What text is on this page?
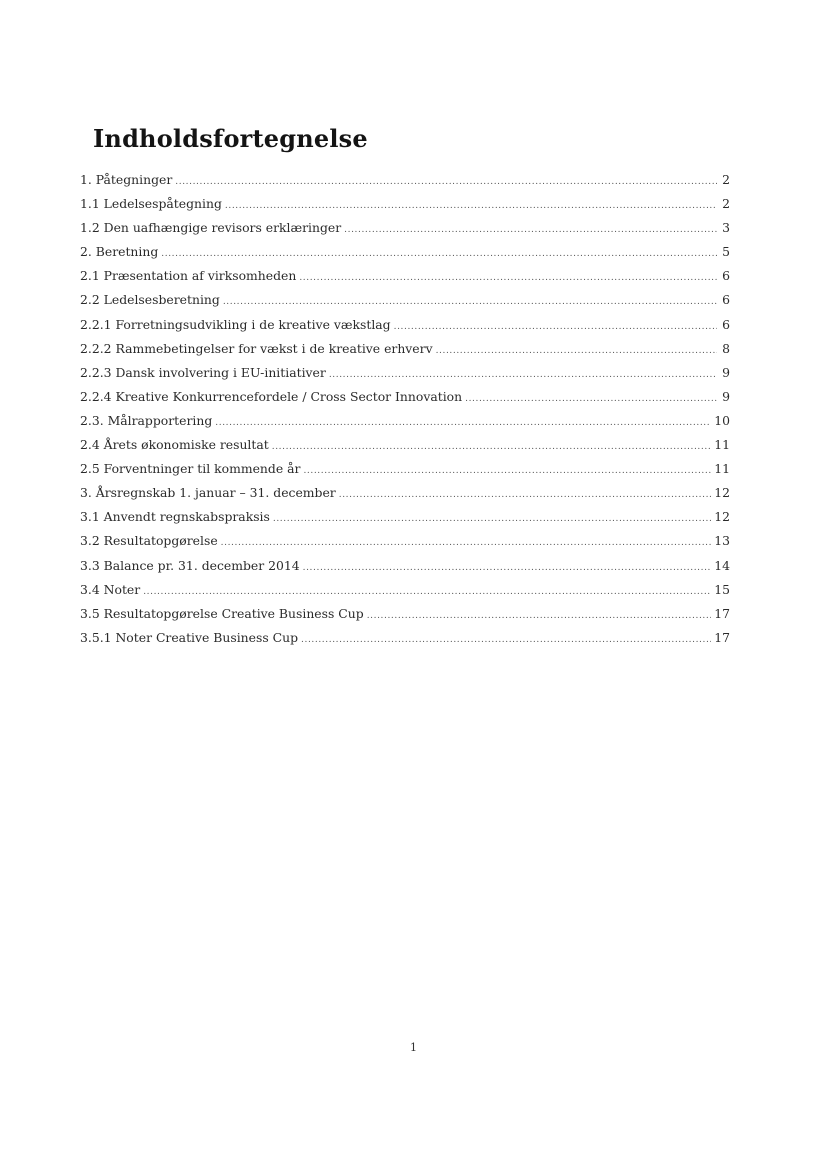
Indholdsfortegnelse
1. Påtegninger .....	2
1.1 Ledelsespåtegning .....	2
1.2 Den uafhængige revisors erklæringer .....	3
2. Beretning .....	5
2.1 Præsentation af virksomheden .....	6
2.2 Ledelsesberetning .....	6
2.2.1 Forretningsudvikling i de kreative vækstlag .....	6
2.2.2 Rammebetingelser for vækst i de kreative erhverv .....	8
2.2.3 Dansk involvering i EU-initiativer .....	9
2.2.4 Kreative Konkurrencefordele / Cross Sector Innovation .....	9
2.3. Målrapportering .....	10
2.4 Årets økonomiske resultat .....	11
2.5 Forventninger til kommende år .....	11
3. Årsregnskab 1. januar – 31. december .....	12
3.1 Anvendt regnskabspraksis .....	12
3.2 Resultatopgørelse .....	13
3.3 Balance pr. 31. december 2014 .....	14
3.4 Noter .....	15
3.5 Resultatopgørelse Creative Business Cup .....	17
3.5.1 Noter Creative Business Cup .....	17
1
